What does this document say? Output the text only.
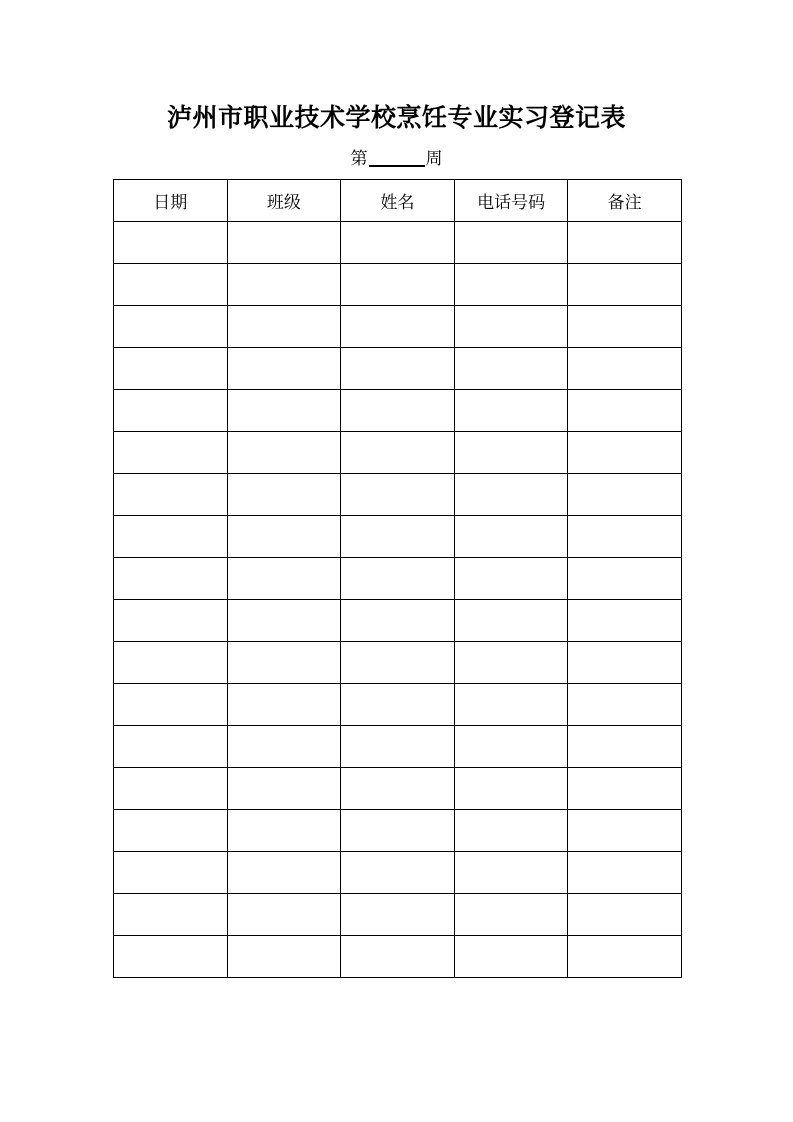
泸州市职业技术学校烹饪专业实习登记表
第	周
日期	班级	姓名	电话号码	备注
